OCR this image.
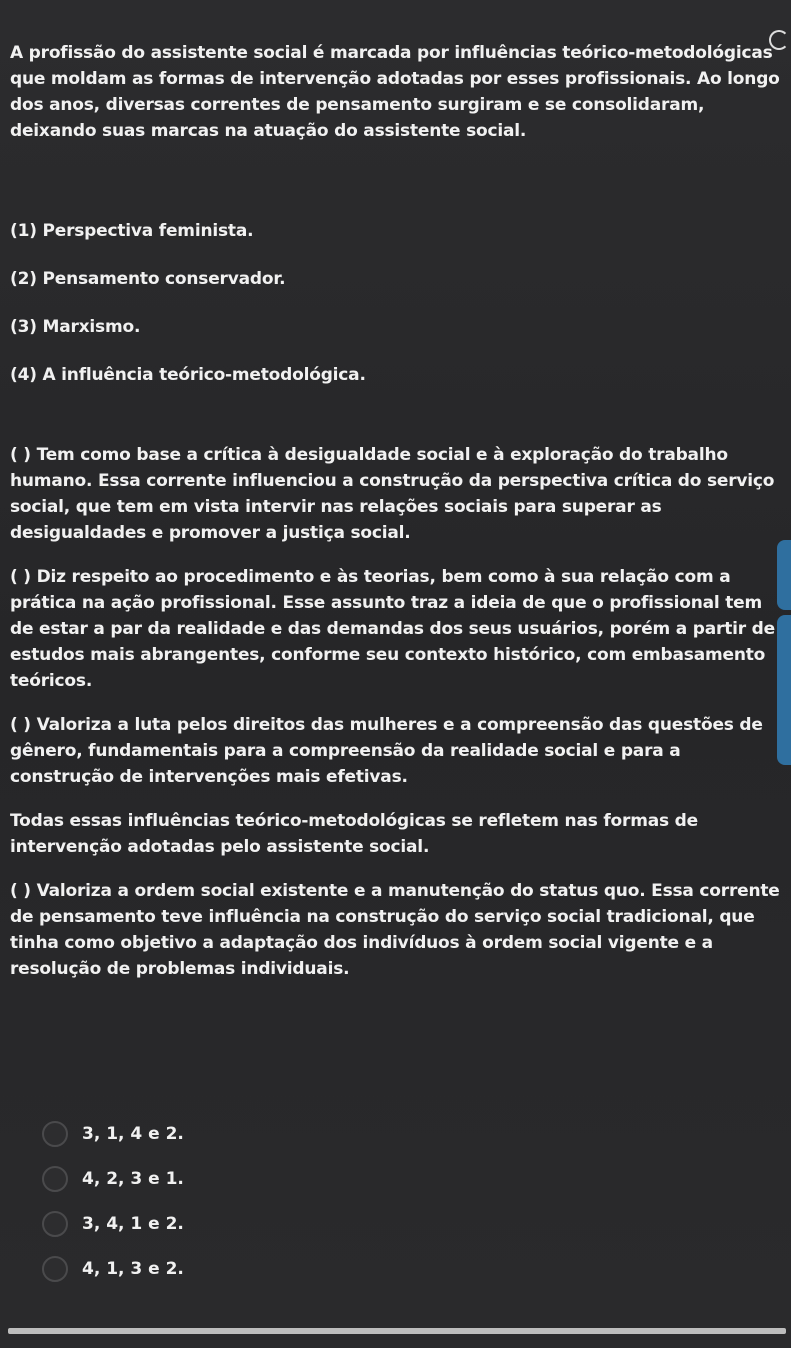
A profissão do assistente social é marcada por influências teórico-metodológicas que moldam as formas de intervenção adotadas por esses profissionais. Ao longo dos anos, diversas correntes de pensamento surgiram e se consolidaram, deixando suas marcas na atuação do assistente social.

(1) Perspectiva feminista.

(2) Pensamento conservador.

(3) Marxismo.

(4) A influência teórico-metodológica.

( ) Tem como base a crítica à desigualdade social e à exploração do trabalho humano. Essa corrente influenciou a construção da perspectiva crítica do serviço social, que tem em vista intervir nas relações sociais para superar as desigualdades e promover a justiça social.

( ) Diz respeito ao procedimento e às teorias, bem como à sua relação com a prática na ação profissional. Esse assunto traz a ideia de que o profissional tem de estar a par da realidade e das demandas dos seus usuários, porém a partir de estudos mais abrangentes, conforme seu contexto histórico, com embasamento teóricos.

( ) Valoriza a luta pelos direitos das mulheres e a compreensão das questões de gênero, fundamentais para a compreensão da realidade social e para a construção de intervenções mais efetivas.

Todas essas influências teórico-metodológicas se refletem nas formas de intervenção adotadas pelo assistente social.

( ) Valoriza a ordem social existente e a manutenção do status quo. Essa corrente de pensamento teve influência na construção do serviço social tradicional, que tinha como objetivo a adaptação dos indivíduos à ordem social vigente e a resolução de problemas individuais.

3, 1, 4 e 2.
4, 2, 3 e 1.
3, 4, 1 e 2.
4, 1, 3 e 2.
